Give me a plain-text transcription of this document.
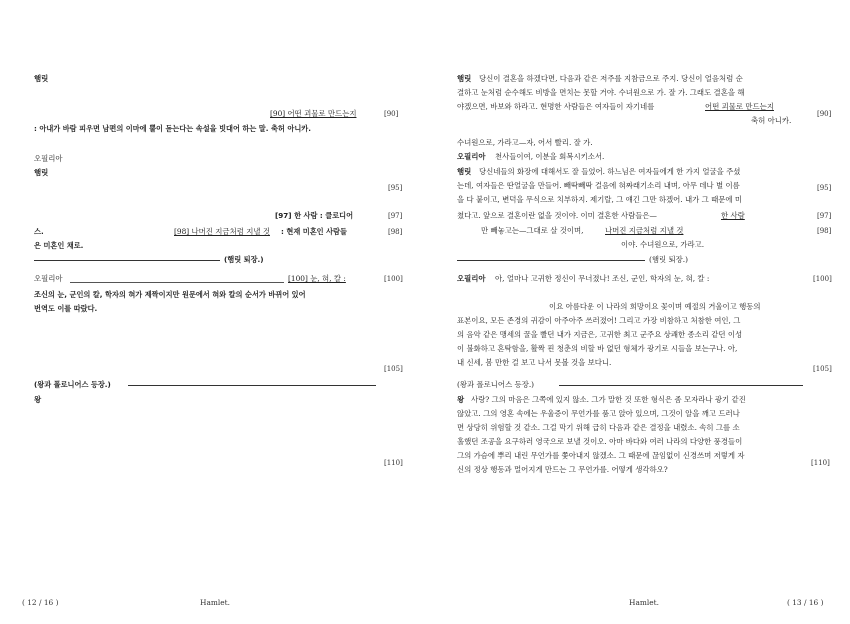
햄릿
[90] 어떤 괴물로 만드는지	[90]
: 아내가 바람 피우면 남편의 이마에 뿔이 돋는다는 속설을 빗대어 하는 말. 축허 아니카.
오필리아
햄릿
[95]
[97] 한 사람 : 클로디어	[97]
스.	[98] 나머진 지금처럼 지낼 것 : 현재 미혼인 사람들	[98]
은 미혼인 채로.
(햄릿 퇴장.)
오필리아	[100] 눈, 혀, 칼 :	[100]
조신의 눈, 군인의 칼, 학자의 혀가 제짝이지만 원문에서 혀와 칼의 순서가 바뀌어 있어
번역도 이를 따랐다.
[105]
(왕과 폴로니어스 등장.)
왕
[110]
( 12 / 16 )	Hamlet.
햄릿 당신이 결혼을 하겠다면, 다음과 같은 저주를 지참금으로 주지. 당신이 얼음처럼 순
결하고 눈처럼 순수해도 비방을 면치는 못할 거야. 수녀원으로 가. 잘 가. 그래도 결혼을 해
야겠으면, 바보와 하라고. 현명한 사람들은 여자들이 자기네를	어떤 괴물로 만드는지
[90]
축허 아니카.
수녀원으로, 가라고—자, 어서 빨리. 잘 가.
오필리아 천사들이여, 이분을 회복시키소서.
햄릿 당신네들의 화장에 대해서도 잘 들었어. 하느님은 여자들에게 한 가지 얼굴을 주셨
는데, 여자들은 딴얼굴을 만들어. 빼딱빼딱 걸음에 혀짜래기소리 내며, 아무 데나 별 이름	[95]
을 다 붙이고, 변덕을 무식으로 치부하지. 제기랄, 그 얘긴 그만 하겠어. 내가 그 때문에 미
쳤다고. 앞으로 결혼이란 없을 것이야. 이미 결혼한 사람들은—	한 사람	[97]
만 빼놓고는—그대로 살 것이며,	나머진 지금처럼 지낼 것	[98]
이야. 수녀원으로, 가라고.
(햄릿 퇴장.)
오필리아 아, 얼마나 고귀한 정신이 무너졌나! 조신, 군인, 학자의 눈, 혀, 칼 :	[100]
이요 아름다운 이 나라의 희망이요 꽃이며 예절의 거울이고 행동의
표본이요, 모든 존경의 귀감이 아주아주 쓰러졌어! 그리고 가장 비참하고 처참한 여인, 그
의 음악 같은 맹세의 꿀을 빨던 내가 지금은, 고귀한 최고 군주요 상쾌한 종소리 같던 이성
이 불화하고 혼탁함을, 활짝 핀 청춘의 비할 바 없던 형체가 광기로 시들을 보는구나. 아,
내 신세, 봄 만한 걸 보고 나서 못볼 것을 보다니.
[105]
(왕과 폴로니어스 등장.)
왕 사랑? 그의 마음은 그쪽에 있지 않소. 그가 말한 것 또한 형식은 좀 모자라나 광기 같진
않았고. 그의 영혼 속에는 우울증이 무언가를 품고 앉아 있으며, 그것이 알을 깨고 드러나
면 상당히 위험할 것 같소. 그걸 막기 위해 급히 다음과 같은 결정을 내렸소. 속히 그를 소
홀했던 조공을 요구하러 영국으로 보낼 것이오. 아마 바다와 여러 나라의 다양한 풍경들이
그의 가슴에 뿌리 내린 무언가를 쫓아내지 않겠소. 그 때문에 끊임없이 신경쓰며 저렇게 자
[110]
신의 정상 행동과 멀어지게 만드는 그 무언가를. 어떻게 생각하오?
Hamlet.	( 13 / 16 )
